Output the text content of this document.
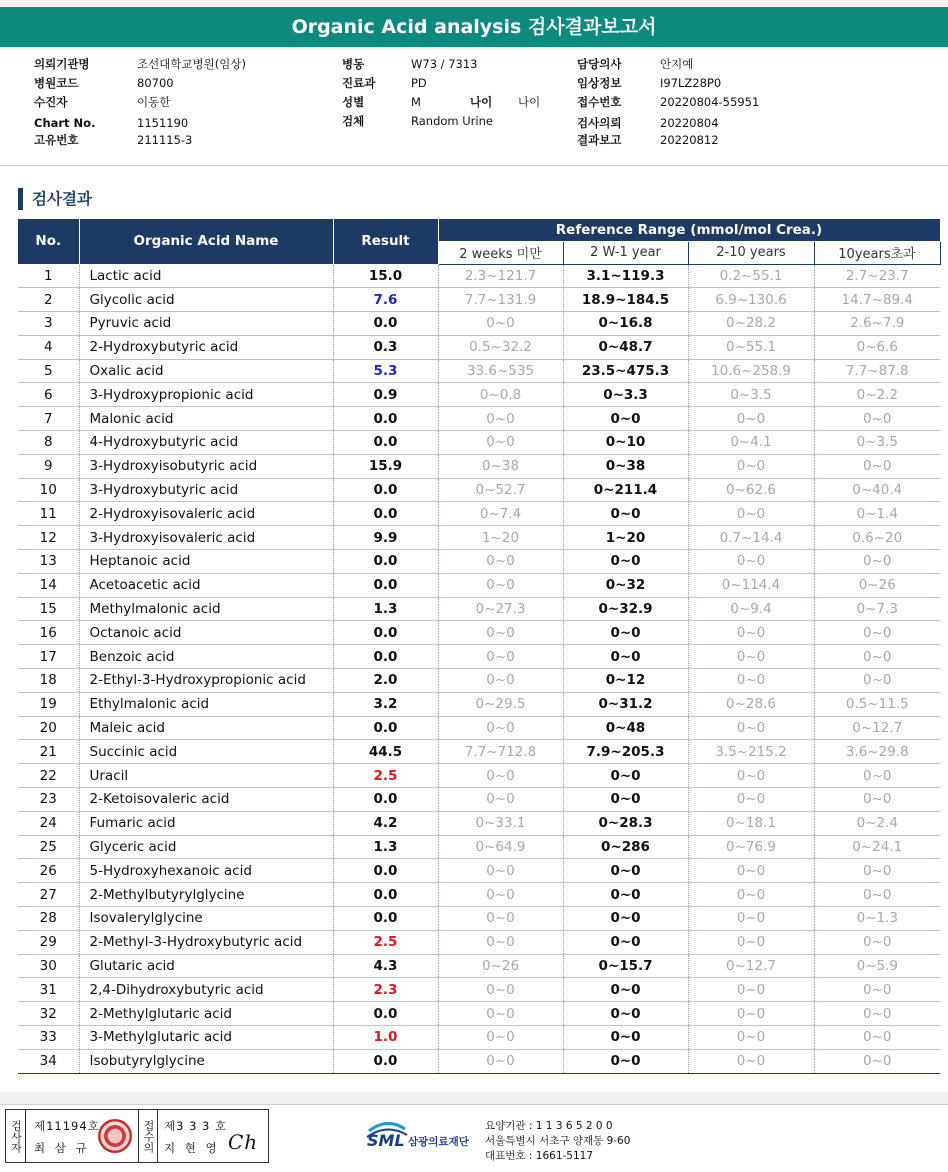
Organic Acid analysis 검사결과보고서
의뢰기관명	조선대학교병원(임상)
병원코드	80700
수진자	이동한
Chart No.	1151190
고유번호	211115-3
병동	W73 / 7313
진료과	PD
성별	M	나이 나이
검체	Random Urine
담당의사	안지예
임상정보	I97LZ28P0
접수번호	20220804-55951
검사의뢰	20220804
결과보고	20220812
검사결과
No.	Organic Acid Name	Result	Reference Range (mmol/mol Crea.)			
			2 weeks 미만	2 W-1 year	2-10 years	10years초과
1	Lactic acid	15.0	2.3~121.7	3.1~119.3	0.2~55.1	2.7~23.7
2	Glycolic acid	7.6	7.7~131.9	18.9~184.5	6.9~130.6	14.7~89.4
3	Pyruvic acid	0.0	0~0	0~16.8	0~28.2	2.6~7.9
4	2-Hydroxybutyric acid	0.3	0.5~32.2	0~48.7	0~55.1	0~6.6
5	Oxalic acid	5.3	33.6~535	23.5~475.3	10.6~258.9	7.7~87.8
6	3-Hydroxypropionic acid	0.9	0~0.8	0~3.3	0~3.5	0~2.2
7	Malonic acid	0.0	0~0	0~0	0~0	0~0
8	4-Hydroxybutyric acid	0.0	0~0	0~10	0~4.1	0~3.5
9	3-Hydroxyisobutyric acid	15.9	0~38	0~38	0~0	0~0
10	3-Hydroxybutyric acid	0.0	0~52.7	0~211.4	0~62.6	0~40.4
11	2-Hydroxyisovaleric acid	0.0	0~7.4	0~0	0~0	0~1.4
12	3-Hydroxyisovaleric acid	9.9	1~20	1~20	0.7~14.4	0.6~20
13	Heptanoic acid	0.0	0~0	0~0	0~0	0~0
14	Acetoacetic acid	0.0	0~0	0~32	0~114.4	0~26
15	Methylmalonic acid	1.3	0~27.3	0~32.9	0~9.4	0~7.3
16	Octanoic acid	0.0	0~0	0~0	0~0	0~0
17	Benzoic acid	0.0	0~0	0~0	0~0	0~0
18	2-Ethyl-3-Hydroxypropionic acid	2.0	0~0	0~12	0~0	0~0
19	Ethylmalonic acid	3.2	0~29.5	0~31.2	0~28.6	0.5~11.5
20	Maleic acid	0.0	0~0	0~48	0~0	0~12.7
21	Succinic acid	44.5	7.7~712.8	7.9~205.3	3.5~215.2	3.6~29.8
22	Uracil	2.5	0~0	0~0	0~0	0~0
23	2-Ketoisovaleric acid	0.0	0~0	0~0	0~0	0~0
24	Fumaric acid	4.2	0~33.1	0~28.3	0~18.1	0~2.4
25	Glyceric acid	1.3	0~64.9	0~286	0~76.9	0~24.1
26	5-Hydroxyhexanoic acid	0.0	0~0	0~0	0~0	0~0
27	2-Methylbutyrylglycine	0.0	0~0	0~0	0~0	0~0
28	Isovalerylglycine	0.0	0~0	0~0	0~0	0~1.3
29	2-Methyl-3-Hydroxybutyric acid	2.5	0~0	0~0	0~0	0~0
30	Glutaric acid	4.3	0~26	0~15.7	0~12.7	0~5.9
31	2,4-Dihydroxybutyric acid	2.3	0~0	0~0	0~0	0~0
32	2-Methylglutaric acid	0.0	0~0	0~0	0~0	0~0
33	3-Methylglutaric acid	1.0	0~0	0~0	0~0	0~0
34	Isobutyrylglycine	0.0	0~0	0~0	0~0	0~0
검사자	제11194호
최 삼 규	접수의 제3 3 3 호
지 현 영 Ch	SML 삼광의료재단
요양기관 : 1 1 3 6 5 2 0 0
서울특별시 서초구 양재동 9-60
대표번호 : 1661-5117
